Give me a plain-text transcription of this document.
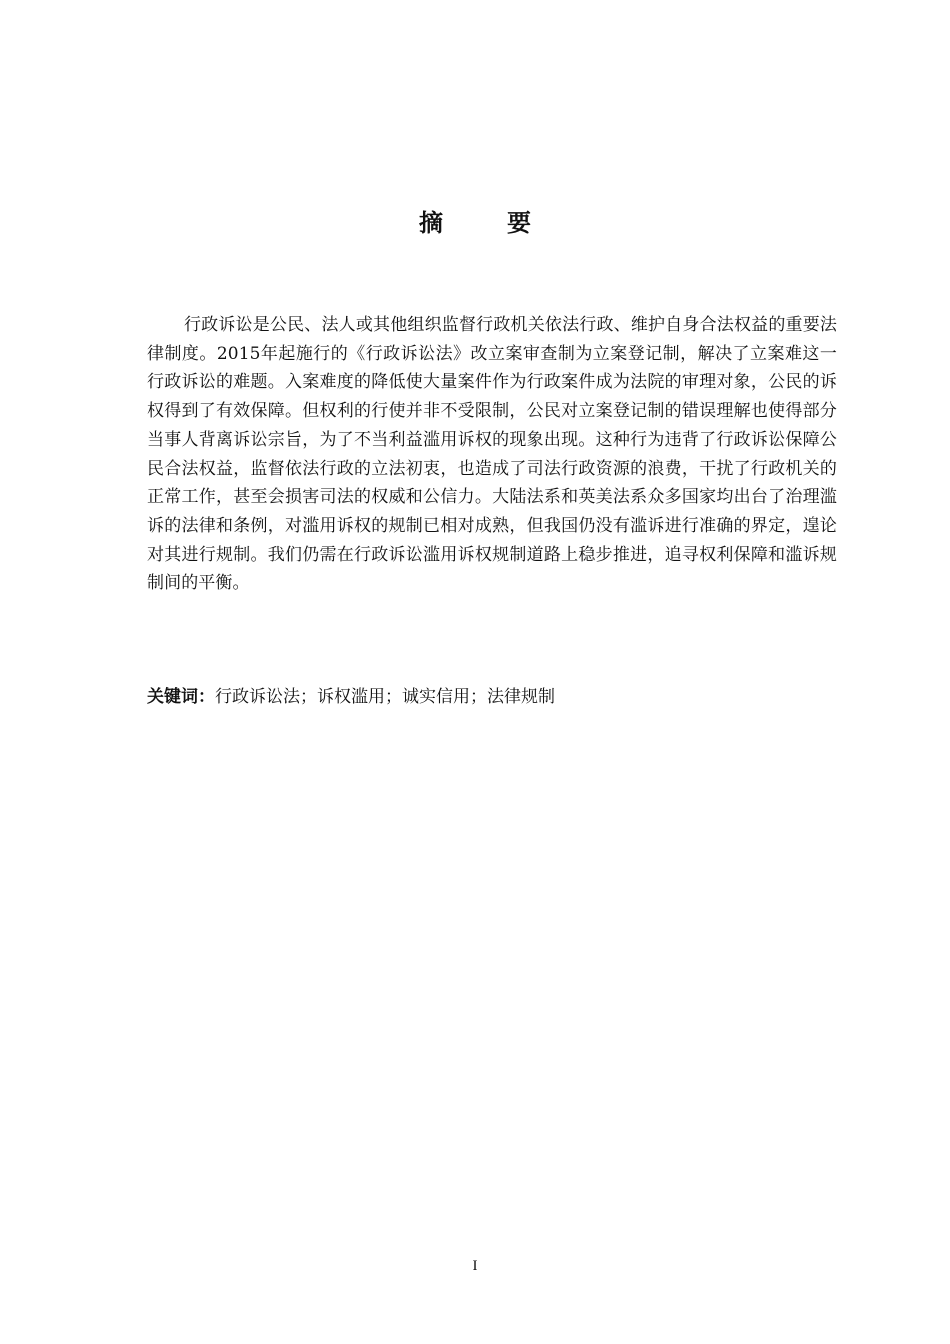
摘　要

行政诉讼是公民、法人或其他组织监督行政机关依法行政、维护自身合法权益的重要法律制度。2015年起施行的《行政诉讼法》改立案审查制为立案登记制，解决了立案难这一行政诉讼的难题。入案难度的降低使大量案件作为行政案件成为法院的审理对象，公民的诉权得到了有效保障。但权利的行使并非不受限制，公民对立案登记制的错误理解也使得部分当事人背离诉讼宗旨，为了不当利益滥用诉权的现象出现。这种行为违背了行政诉讼保障公民合法权益，监督依法行政的立法初衷，也造成了司法行政资源的浪费，干扰了行政机关的正常工作，甚至会损害司法的权威和公信力。大陆法系和英美法系众多国家均出台了治理滥诉的法律和条例，对滥用诉权的规制已相对成熟，但我国仍没有滥诉进行准确的界定，遑论对其进行规制。我们仍需在行政诉讼滥用诉权规制道路上稳步推进，追寻权利保障和滥诉规制间的平衡。

关键词：行政诉讼法；诉权滥用；诚实信用；法律规制

I
